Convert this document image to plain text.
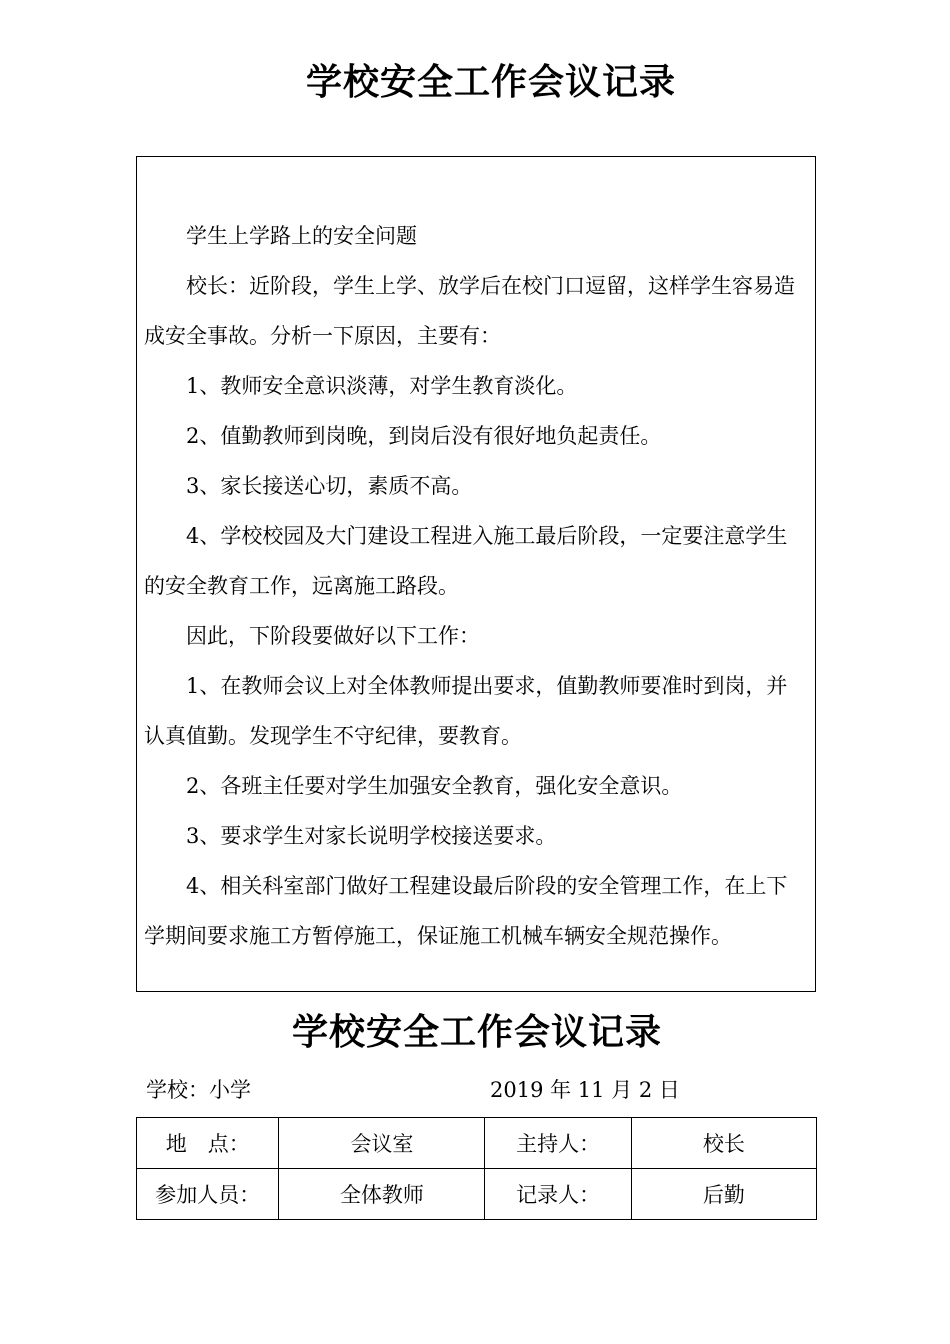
学校安全工作会议记录

学生上学路上的安全问题

校长：近阶段，学生上学、放学后在校门口逗留，这样学生容易造成安全事故。分析一下原因，主要有：

1、教师安全意识淡薄，对学生教育淡化。

2、值勤教师到岗晚，到岗后没有很好地负起责任。

3、家长接送心切，素质不高。

4、学校校园及大门建设工程进入施工最后阶段，一定要注意学生的安全教育工作，远离施工路段。

因此，下阶段要做好以下工作：

1、在教师会议上对全体教师提出要求，值勤教师要准时到岗，并认真值勤。发现学生不守纪律，要教育。

2、各班主任要对学生加强安全教育，强化安全意识。

3、要求学生对家长说明学校接送要求。

4、相关科室部门做好工程建设最后阶段的安全管理工作，在上下学期间要求施工方暂停施工，保证施工机械车辆安全规范操作。

学校安全工作会议记录
学校：小学	2019 年 11 月 2 日
地　点：	会议室	主持人：	校长
参加人员：	全体教师	记录人：	后勤
